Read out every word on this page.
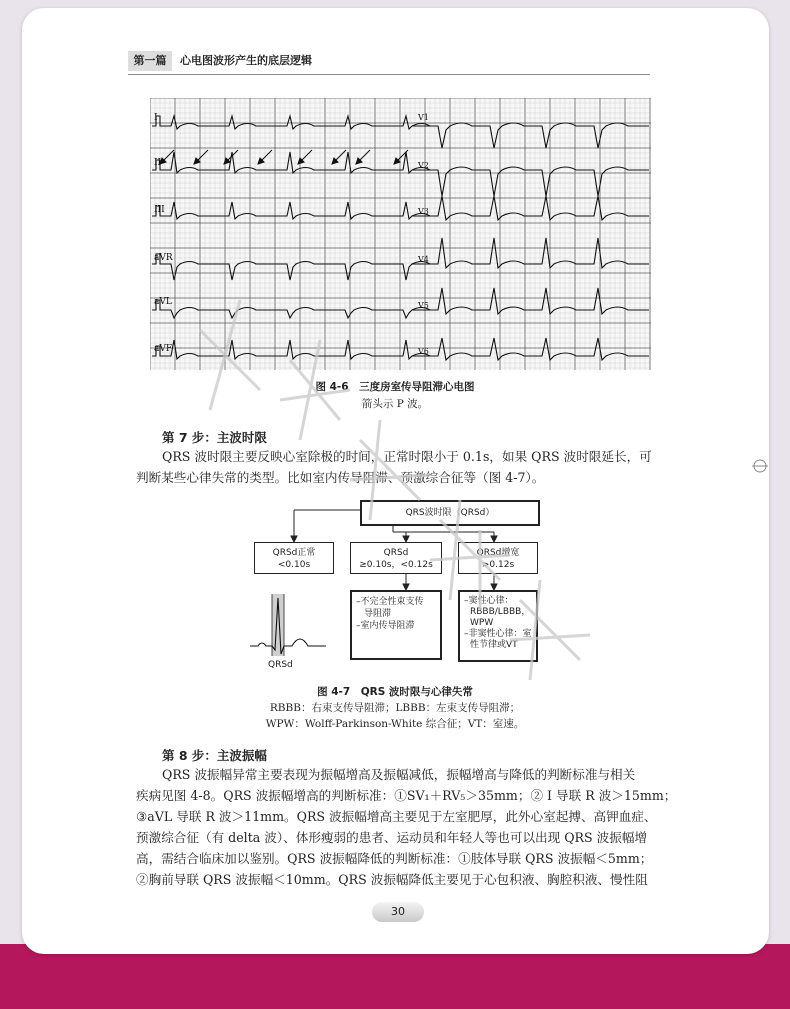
第一篇	心电图波形产生的底层逻辑
I
II
III
aVR
aVL
aVF
V1
V2
V3
V4
V5
V6
图 4-6　三度房室传导阻滞心电图
箭头示 P 波。
第 7 步：主波时限
QRS 波时限主要反映心室除极的时间，正常时限小于 0.1s，如果 QRS 波时限延长，可
判断某些心律失常的类型。比如室内传导阻滞、预激综合征等（图 4-7）。
QRS波时限（QRSd）
QRSd正常
<0.10s
QRSd
≥0.10s，<0.12s
QRSd增宽
>0.12s
–不完全性束支传
导阻滞
–室内传导阻滞
–窦性心律：
RBBB/LBBB，
WPW
–非窦性心律：室
性节律或VT
QRSd
图 4-7　QRS 波时限与心律失常
RBBB：右束支传导阻滞；LBBB：左束支传导阻滞；
WPW：Wolff-Parkinson-White 综合征；VT：室速。
第 8 步：主波振幅
QRS 波振幅异常主要表现为振幅增高及振幅减低，振幅增高与降低的判断标准与相关
疾病见图 4-8。QRS 波振幅增高的判断标准：①SV₁＋RV₅＞35mm；② I 导联 R 波＞15mm；
③aVL 导联 R 波＞11mm。QRS 波振幅增高主要见于左室肥厚，此外心室起搏、高钾血症、
预激综合征（有 delta 波）、体形瘦弱的患者、运动员和年轻人等也可以出现 QRS 波振幅增
高，需结合临床加以鉴别。QRS 波振幅降低的判断标准：①肢体导联 QRS 波振幅＜5mm；
②胸前导联 QRS 波振幅＜10mm。QRS 波振幅降低主要见于心包积液、胸腔积液、慢性阻
30
